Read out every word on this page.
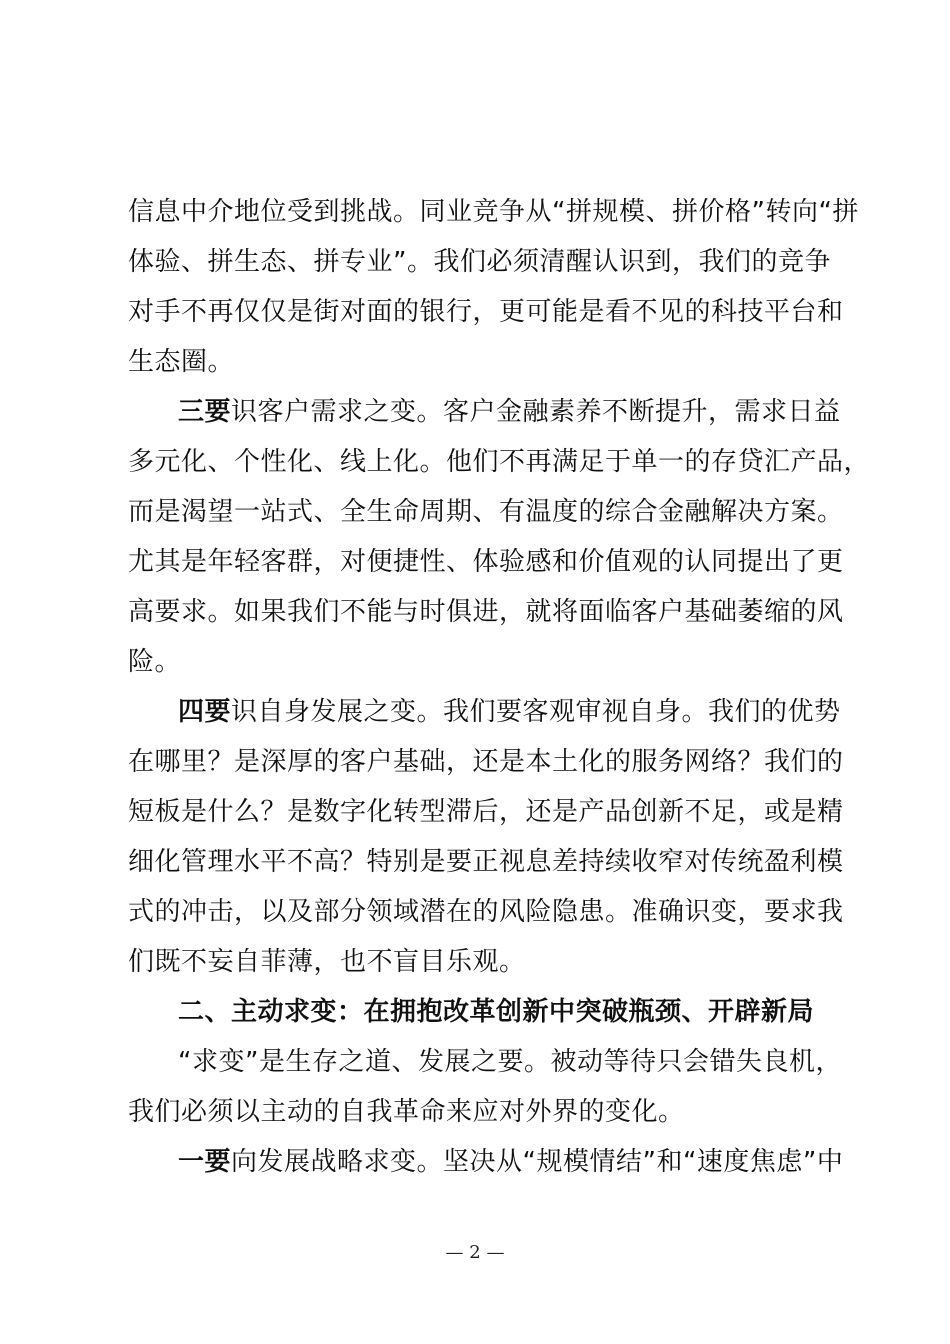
信息中介地位受到挑战。同业竞争从“拼规模、拼价格”转向“拼
体验、拼生态、拼专业”。我们必须清醒认识到，我们的竞争
对手不再仅仅是街对面的银行，更可能是看不见的科技平台和
生态圈。
三要识客户需求之变。客户金融素养不断提升，需求日益
多元化、个性化、线上化。他们不再满足于单一的存贷汇产品，
而是渴望一站式、全生命周期、有温度的综合金融解决方案。
尤其是年轻客群，对便捷性、体验感和价值观的认同提出了更
高要求。如果我们不能与时俱进，就将面临客户基础萎缩的风
险。
四要识自身发展之变。我们要客观审视自身。我们的优势
在哪里？是深厚的客户基础，还是本土化的服务网络？我们的
短板是什么？是数字化转型滞后，还是产品创新不足，或是精
细化管理水平不高？特别是要正视息差持续收窄对传统盈利模
式的冲击，以及部分领域潜在的风险隐患。准确识变，要求我
们既不妄自菲薄，也不盲目乐观。
二、主动求变：在拥抱改革创新中突破瓶颈、开辟新局
“求变”是生存之道、发展之要。被动等待只会错失良机，
我们必须以主动的自我革命来应对外界的变化。
一要向发展战略求变。坚决从“规模情结”和“速度焦虑”中
— 2 —
